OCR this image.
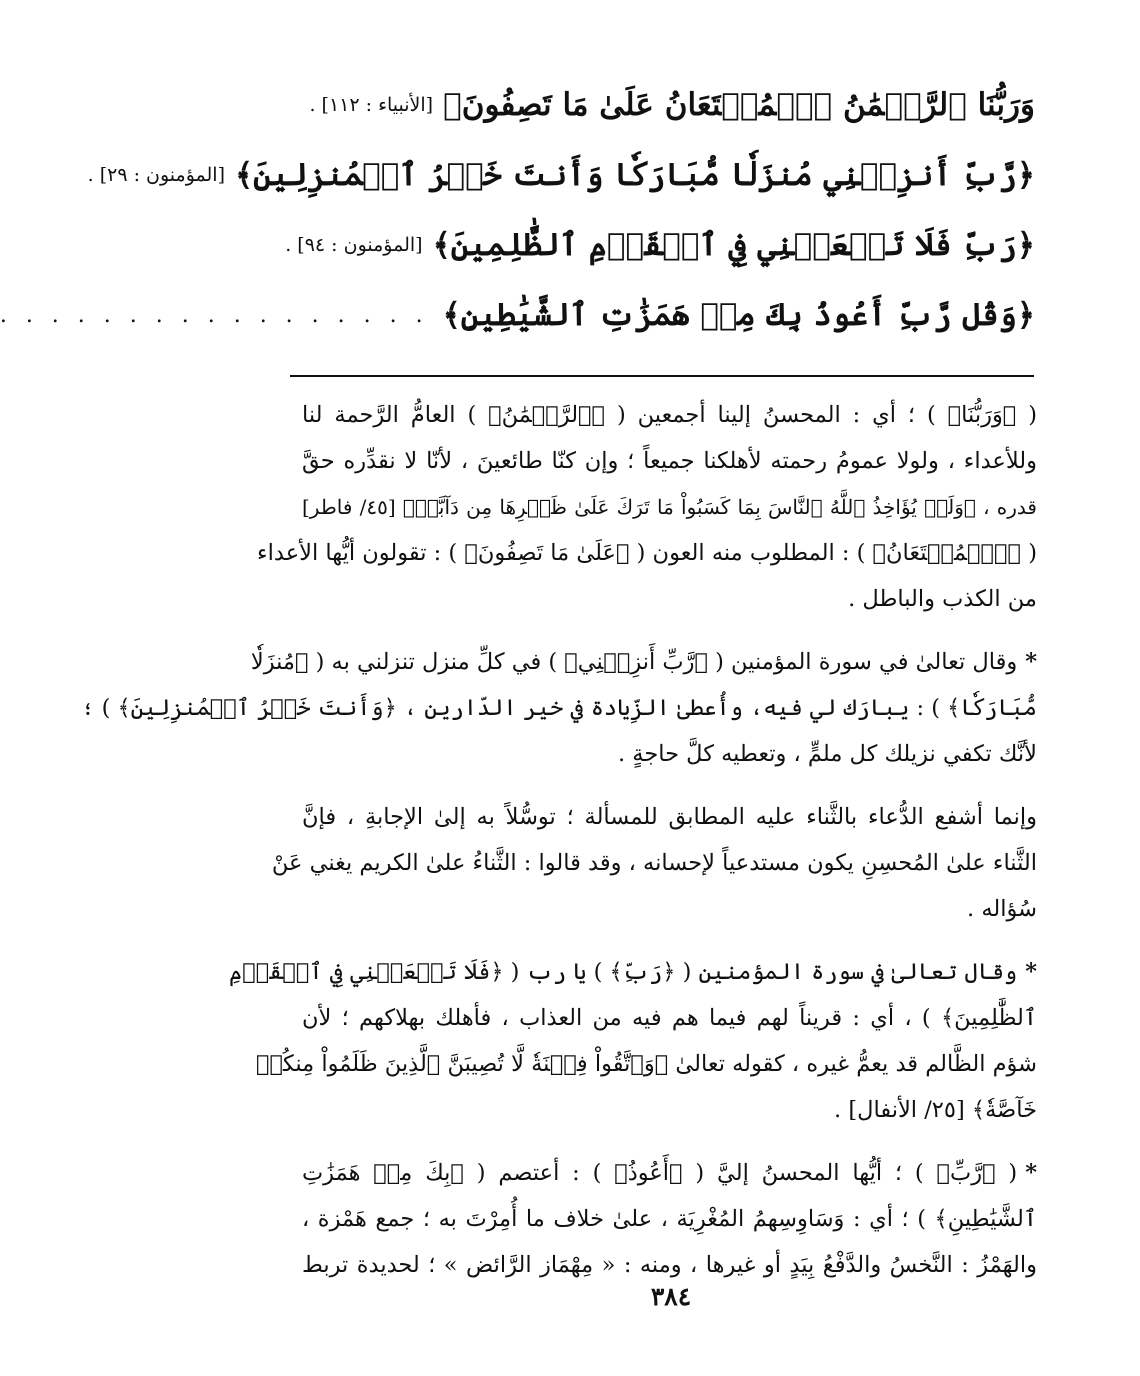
وَرَبُّنَا ٱلرَّحۡمَٰنُ ٱلۡمُسۡتَعَانُ عَلَىٰ مَا تَصِفُونَ﴾
[الأنبياء : ١١٢] .
﴿رَّبِّ أَنزِلۡنِي مُنزَلٗا مُّبَارَكٗا وَأَنتَ خَيۡرُ ٱلۡمُنزِلِينَ﴾
[المؤمنون : ٢٩] .
﴿رَبِّ فَلَا تَجۡعَلۡنِي فِي ٱلۡقَوۡمِ ٱلظَّٰلِمِينَ﴾
[المؤمنون : ٩٤] .
﴿وَقُل رَّبِّ أَعُوذُ بِكَ مِنۡ هَمَزَٰتِ ٱلشَّيَٰطِينِ﴾
. . . . . . . . . . . . . . . . .
( ﴿وَرَبُّنَا﴾ ) ؛ أي : المحسنُ إلينا أجمعين ( ﴿ٱلرَّحۡمَٰنُ﴾ ) العامُّ الرَّحمة لنا
وللأعداء ، ولولا عمومُ رحمته لأهلكنا جميعاً ؛ وإن كنّا طائعينَ ، لأنّا لا نقدِّره حقَّ
قدره ، ﴿وَلَوۡ يُؤَاخِذُ ٱللَّهُ ٱلنَّاسَ بِمَا كَسَبُواْ مَا تَرَكَ عَلَىٰ ظَهۡرِهَا مِن دَآبَّةٖ﴾ [٤٥/ فاطر]
( ﴿ٱلۡمُسۡتَعَانُ﴾ ) : المطلوب منه العون ( ﴿عَلَىٰ مَا تَصِفُونَ﴾ ) : تقولون أيُّها الأعداء
من الكذب والباطل .
*وقال تعالىٰ في سورة المؤمنين ( ﴿رَّبِّ أَنزِلۡنِي﴾ ) في كلِّ منزل تنزلني به ( ﴿مُنزَلٗا
مُّبَارَكٗا﴾ ) : يبارَك لي فيه، وأُعطىٰ الزِّيادة في خير الدّارين ، ﴿وَأَنتَ خَيۡرُ ٱلۡمُنزِلِينَ﴾ ) ؛
لأنَّك تكفي نزيلك كل ملمٍّ ، وتعطيه كلَّ حاجةٍ .
وإنما أشفع الدُّعاء بالثَّناء عليه المطابق للمسألة ؛ توسُّلاً به إلىٰ الإجابةِ ، فإنَّ
الثَّناء علىٰ المُحسِنِ يكون مستدعياً لإحسانه ، وقد قالوا : الثَّناءُ علىٰ الكريم يغني عَنْ
سُؤاله .
*وقال تعالىٰ في سورة المؤمنين ( ﴿رَبِّ﴾ ) يا رب ( ﴿فَلَا تَجۡعَلۡنِي فِي ٱلۡقَوۡمِ
ٱلظَّٰلِمِينَ﴾ ) ، أي : قريناً لهم فيما هم فيه من العذاب ، فأهلك بهلاكهم ؛ لأن
شؤم الظَّالم قد يعمُّ غيره ، كقوله تعالىٰ ﴿وَٱتَّقُواْ فِتۡنَةٗ لَّا تُصِيبَنَّ ٱلَّذِينَ ظَلَمُواْ مِنكُمۡ
خَآصَّةٗ﴾ [٢٥/ الأنفال] .
*( ﴿رَّبِّ﴾ ) ؛ أيُّها المحسنُ إليَّ ( ﴿أَعُوذُ﴾ ) : أعتصم ( ﴿بِكَ مِنۡ هَمَزَٰتِ
ٱلشَّيَٰطِينِ﴾ ) ؛ أي : وَسَاوِسِهمُ المُغْرِيَة ، علىٰ خلاف ما أُمِرْتَ به ؛ جمع هَمْزة ،
والهَمْزُ : النَّخسُ والدَّفْعُ بِيَدٍ أو غيرها ، ومنه : « مِهْمَاز الرَّائض » ؛ لحديدة تربط
٣٨٤
